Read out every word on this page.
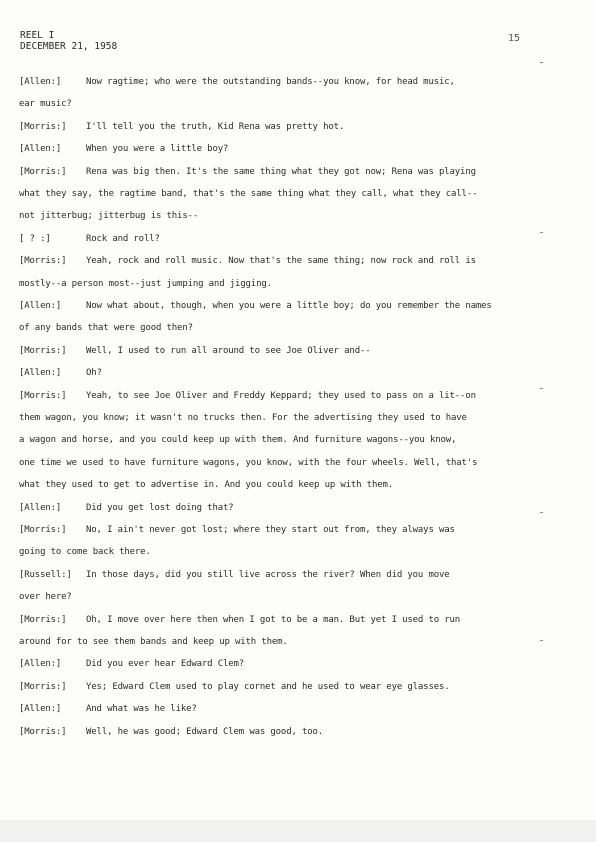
REEL I
DECEMBER 21, 1958
15
[Allen:]	Now ragtime; who were the outstanding bands--you know, for head music,
ear music?
[Morris:] I'll tell you the truth, Kid Rena was pretty hot.
[Allen:]	When you were a little boy?
[Morris:] Rena was big then. It's the same thing what they got now; Rena was playing
what they say, the ragtime band, that's the same thing what they call, what they call--
not jitterbug; jitterbug is this--
[ ? :]	Rock and roll?
[Morris:] Yeah, rock and roll music. Now that's the same thing; now rock and roll is
mostly--a person most--just jumping and jigging.
[Allen:]	Now what about, though, when you were a little boy; do you remember the names
of any bands that were good then?
[Morris:] Well, I used to run all around to see Joe Oliver and--
[Allen:]	Oh?
[Morris:] Yeah, to see Joe Oliver and Freddy Keppard; they used to pass on a lit--on
them wagon, you know; it wasn't no trucks then. For the advertising they used to have
a wagon and horse, and you could keep up with them. And furniture wagons--you know,
one time we used to have furniture wagons, you know, with the four wheels. Well, that's
what they used to get to advertise in. And you could keep up with them.
[Allen:]	Did you get lost doing that?
[Morris:] No, I ain't never got lost; where they start out from, they always was
going to come back there.
[Russell:] In those days, did you still live across the river? When did you move
over here?
[Morris:] Oh, I move over here then when I got to be a man. But yet I used to run
around for to see them bands and keep up with them.
[Allen:]	Did you ever hear Edward Clem?
[Morris:] Yes; Edward Clem used to play cornet and he used to wear eye glasses.
[Allen:]	And what was he like?
[Morris:] Well, he was good; Edward Clem was good, too.
